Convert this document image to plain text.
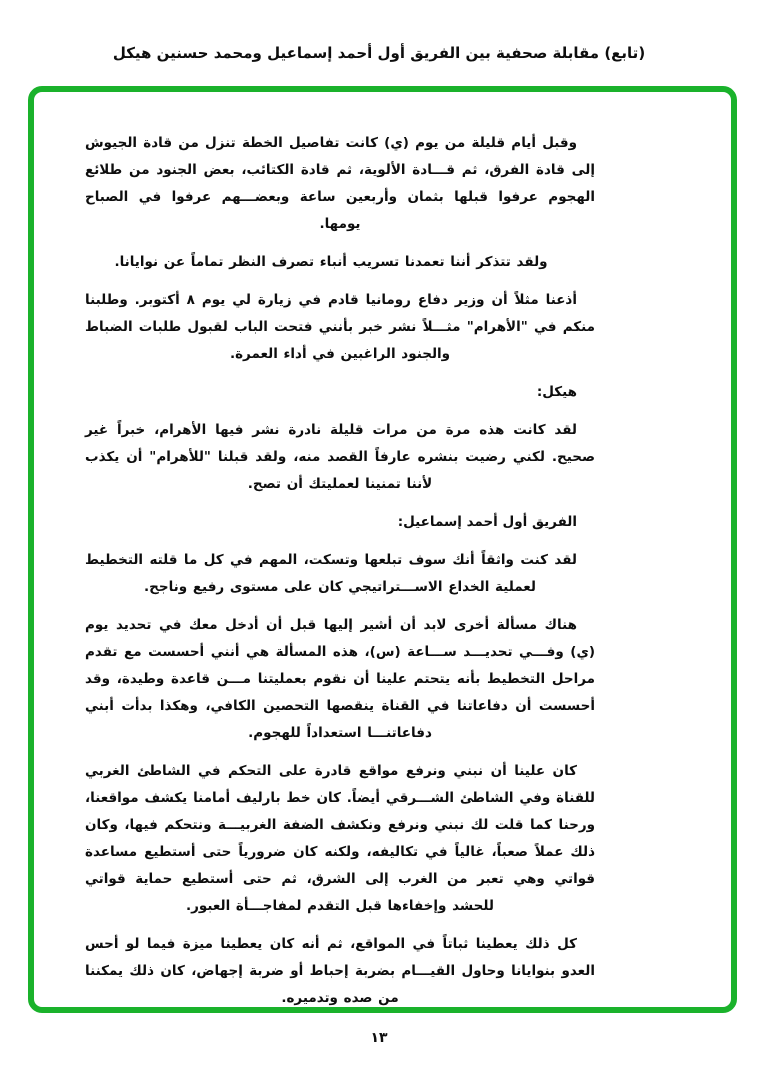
(تابع) مقابلة صحفية بين الفريق أول أحمد إسماعيل ومحمد حسنين هيكل

وقبل أيام قليلة من يوم (ي) كانت تفاصيل الخطة تنزل من قادة الجيوش إلى قادة الفرق، ثم قـــادة الألوية، ثم قادة الكتائب، بعض الجنود من طلائع الهجوم عرفوا قبلها بثمان وأربعين ساعة وبعضـــهم عرفوا في الصباح يومها.

ولقد تتذكر أننا تعمدنا تسريب أنباء تصرف النظر تماماً عن نوايانا.

أذعنا مثلاً أن وزير دفاع رومانيا قادم في زيارة لي يوم ٨ أكتوبر. وطلبنا منكم في "الأهرام" مثـــلاً نشر خبر بأنني فتحت الباب لقبول طلبات الضباط والجنود الراغبين في أداء العمرة.

هيكل:

لقد كانت هذه مرة من مرات قليلة نادرة نشر فيها الأهرام، خبراً غير صحيح. لكني رضيت بنشره عارفاً القصد منه، ولقد قبلنا "للأهرام" أن يكذب لأننا تمنينا لعمليتك أن تصح.

الفريق أول أحمد إسماعيل:

لقد كنت واثقاً أنك سوف تبلعها وتسكت، المهم في كل ما قلته التخطيط لعملية الخداع الاســـتراتيجي كان على مستوى رفيع وناجح.

هناك مسألة أخرى لابد أن أشير إليها قبل أن أدخل معك في تحديد يوم (ي) وفـــي تحديـــد ســـاعة (س)، هذه المسألة هي أنني أحسست مع تقدم مراحل التخطيط بأنه يتحتم علينا أن نقوم بعمليتنا مـــن قاعدة وطيدة، وقد أحسست أن دفاعاتنا في القناة ينقصها التحصين الكافي، وهكذا بدأت أبني دفاعاتنـــا استعداداً للهجوم.

كان علينا أن نبني ونرفع مواقع قادرة على التحكم في الشاطئ الغربي للقناة وفي الشاطئ الشـــرقي أيضاً. كان خط بارليف أمامنا يكشف مواقعنا، ورحنا كما قلت لك نبني ونرفع ونكشف الضفة الغربيـــة ونتحكم فيها، وكان ذلك عملاً صعباً، غالياً في تكاليفه، ولكنه كان ضرورياً حتى أستطيع مساعدة قواتي وهي تعبر من الغرب إلى الشرق، ثم حتى أستطيع حماية قواتي للحشد وإخفاءها قبل التقدم لمفاجـــأة العبور.

كل ذلك يعطينا ثباتاً في المواقع، ثم أنه كان يعطينا ميزة فيما لو أحس العدو بنوايانا وحاول القيـــام بضربة إحباط أو ضربة إجهاض، كان ذلك يمكننا من صده وتدميره.

١٣
